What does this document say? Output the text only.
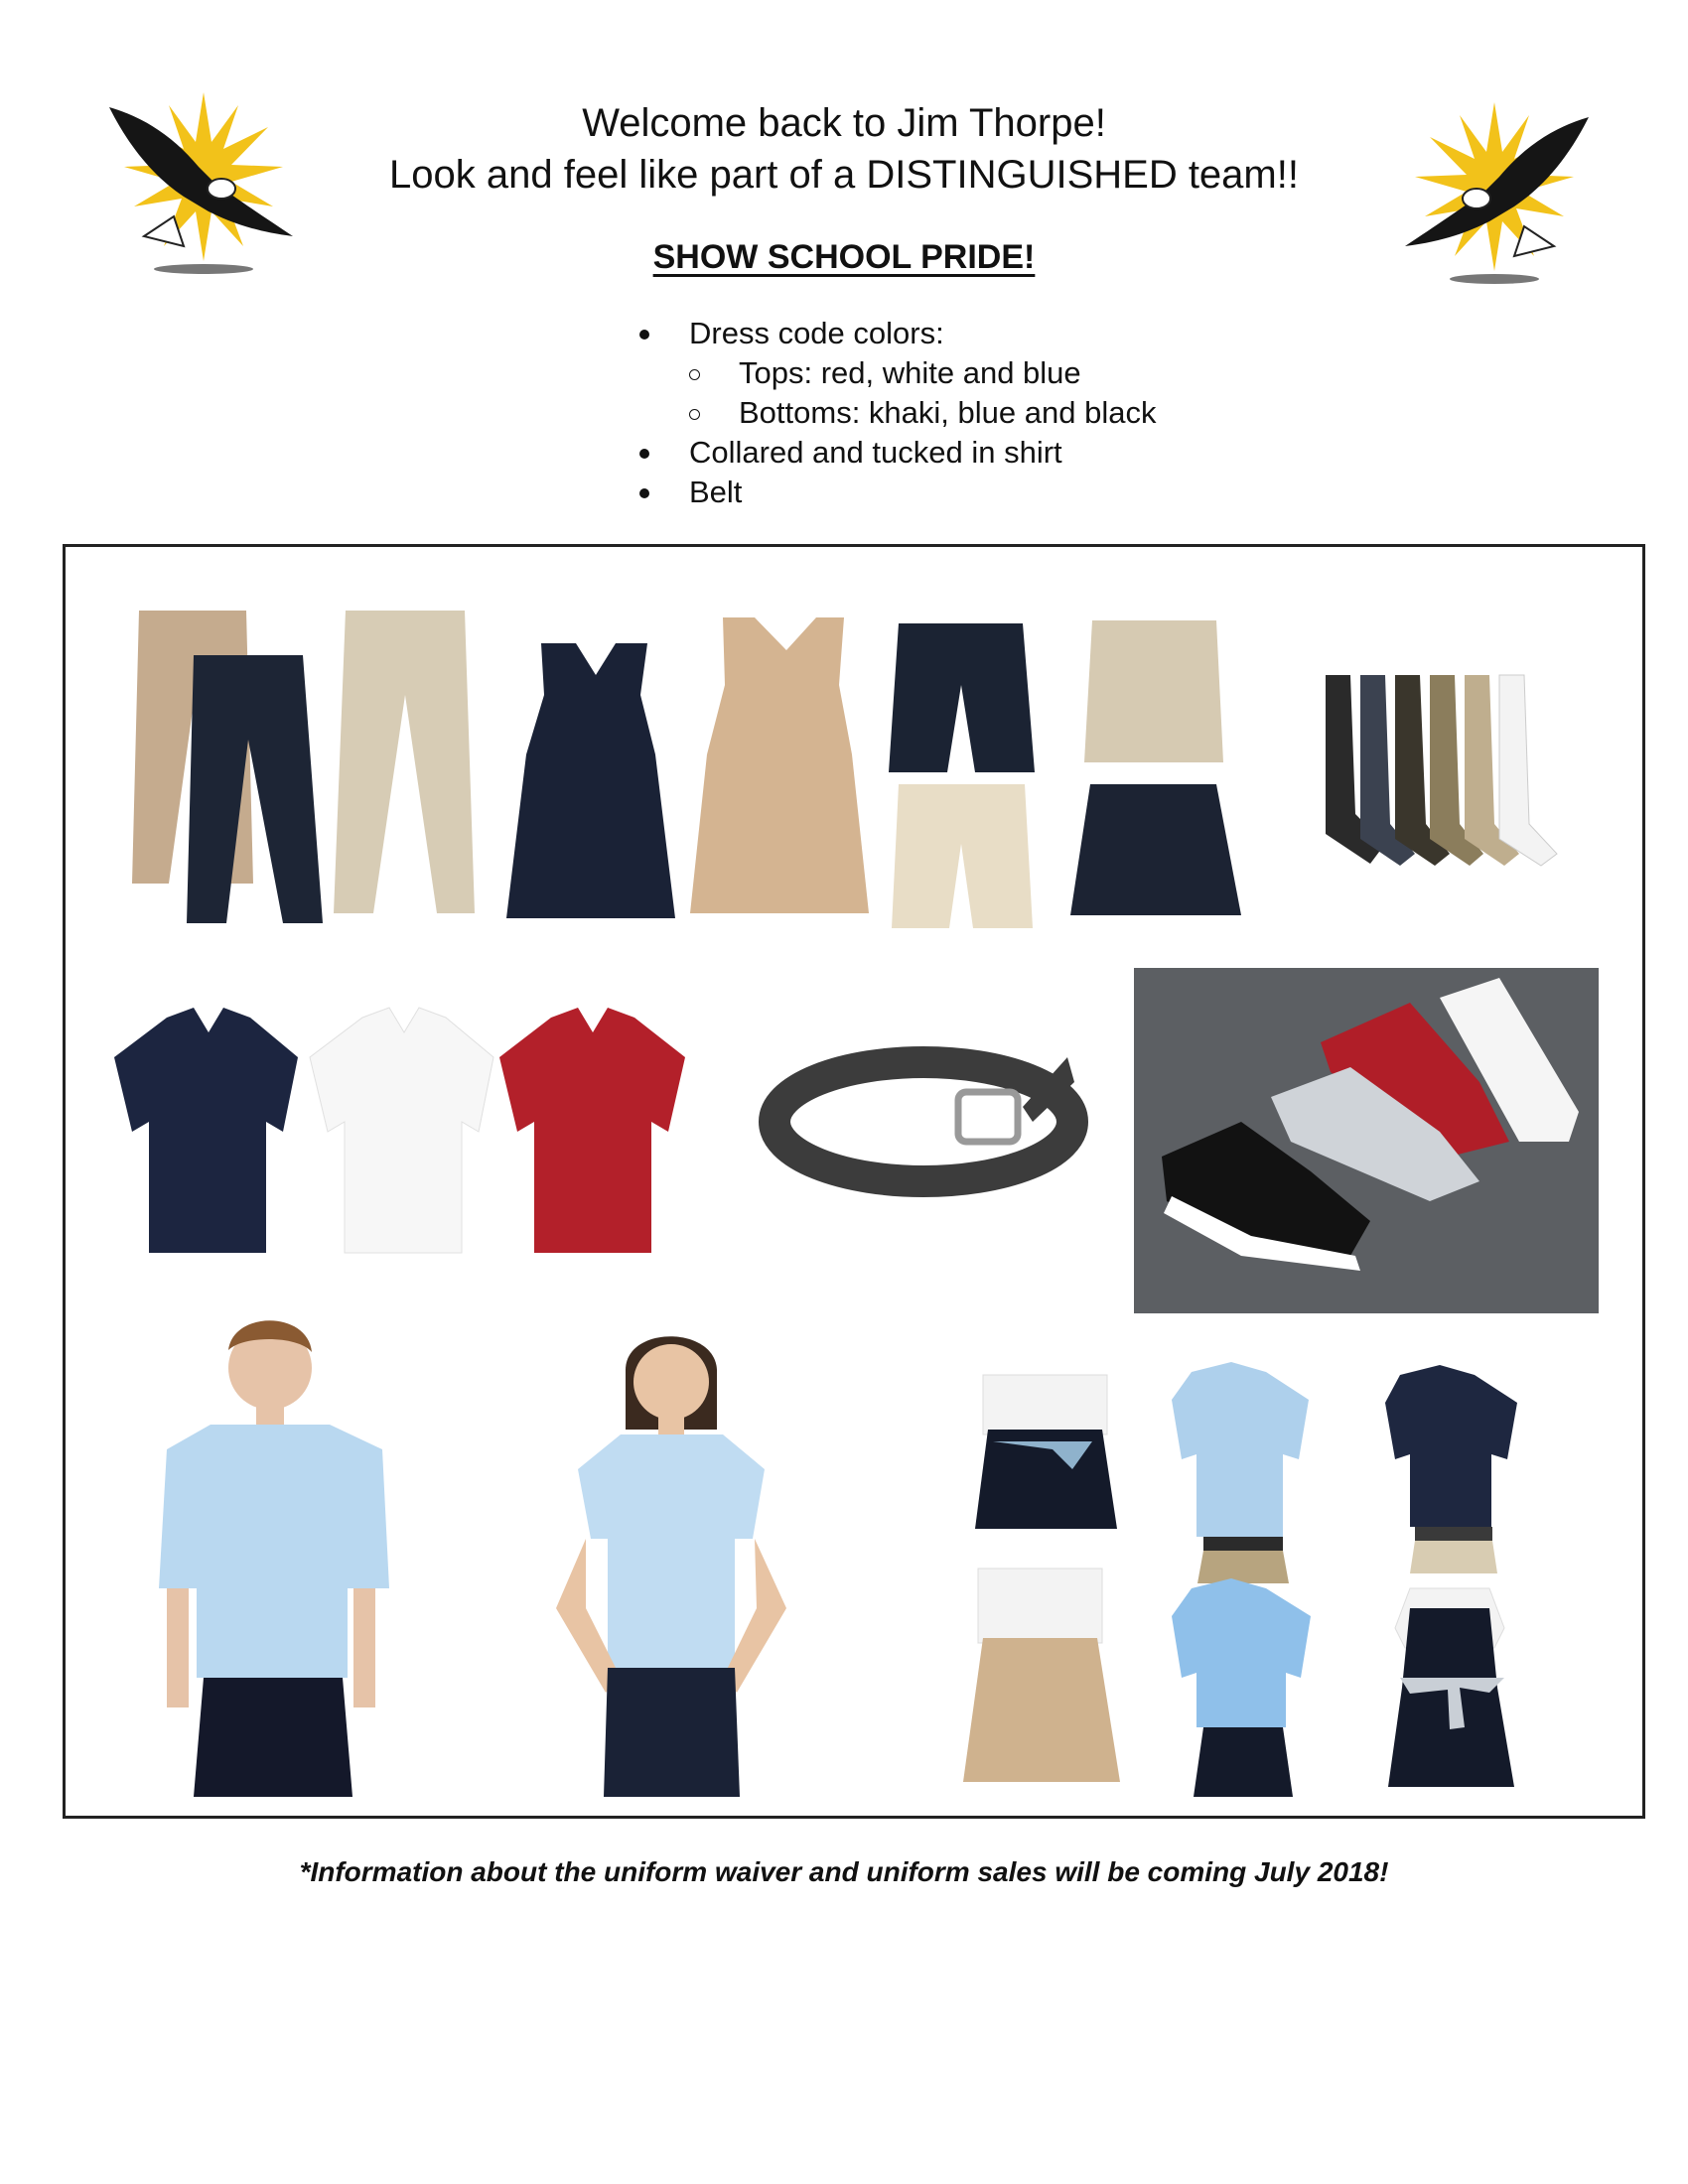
Welcome back to Jim Thorpe!
Look and feel like part of a DISTINGUISHED team!!
SHOW SCHOOL PRIDE!
Dress code colors:
Tops: red, white and blue
Bottoms: khaki, blue and black
Collared and tucked in shirt
Belt
*Information about the uniform waiver and uniform sales will be coming July 2018!
